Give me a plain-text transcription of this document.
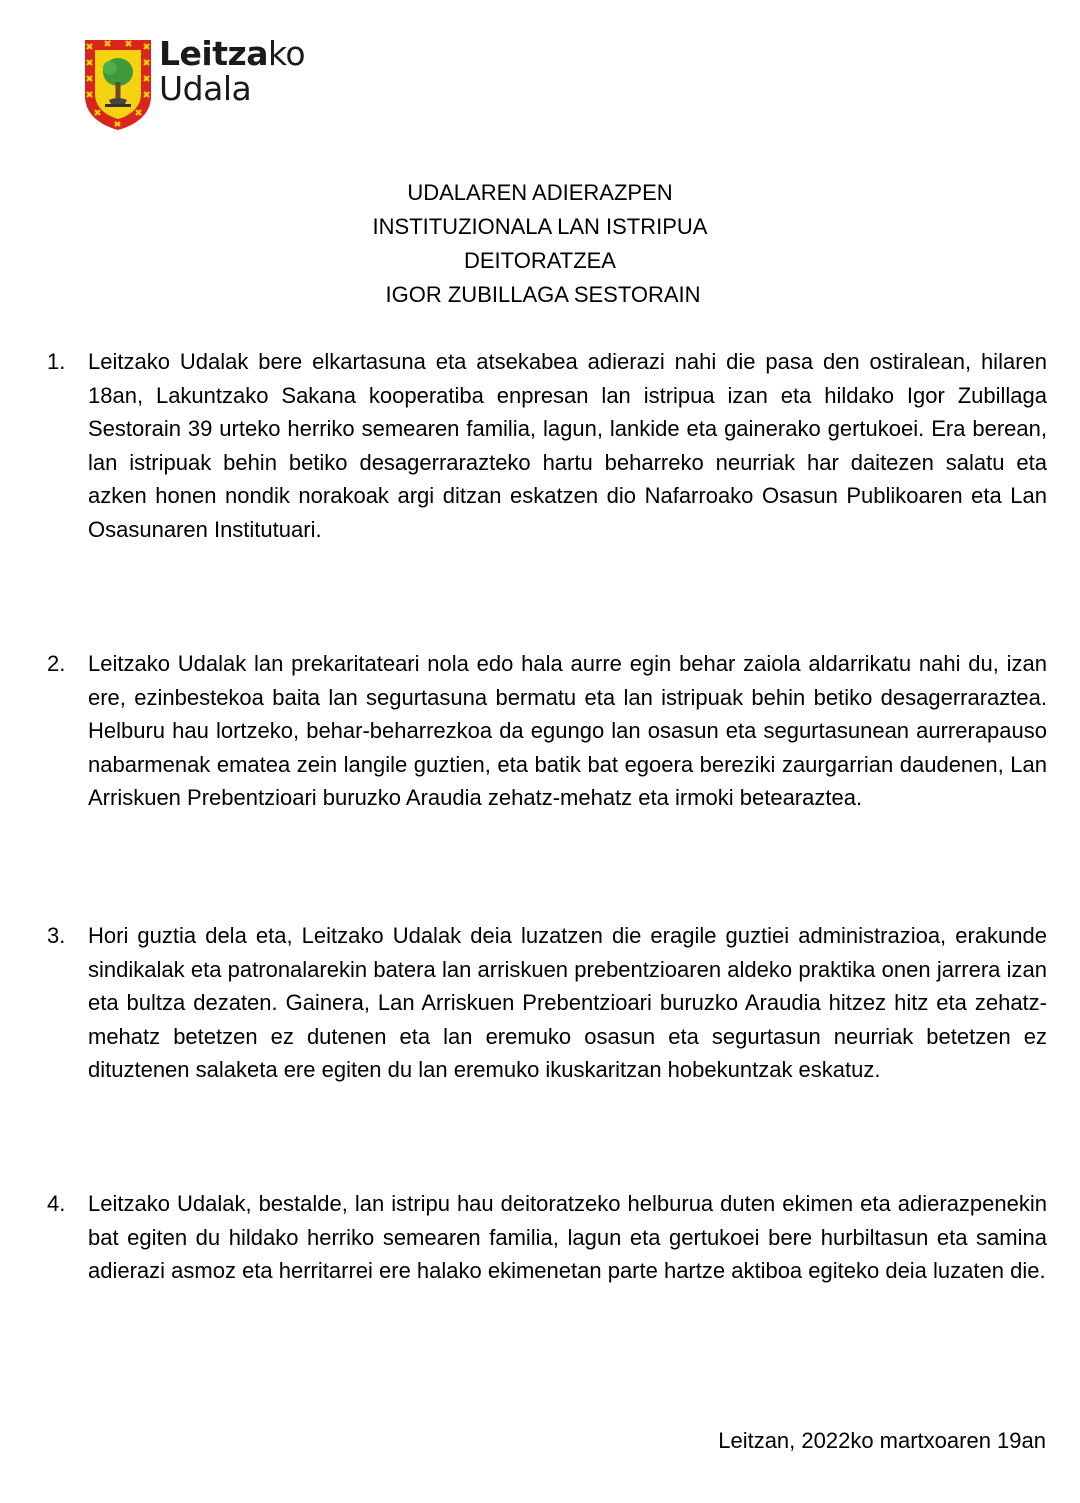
Leitzako
Udala
UDALAREN ADIERAZPEN
INSTITUZIONALA LAN ISTRIPUA
DEITORATZEA
IGOR ZUBILLAGA SESTORAIN
1. Leitzako Udalak bere elkartasuna eta atsekabea adierazi nahi die pasa den ostiralean, hilaren 18an, Lakuntzako Sakana kooperatiba enpresan lan istripua izan eta hildako Igor Zubillaga Sestorain 39 urteko herriko semearen familia, lagun, lankide eta gainerako gertukoei. Era berean, lan istripuak behin betiko desagerrarazteko hartu beharreko neurriak har daitezen salatu eta azken honen nondik norakoak argi ditzan eskatzen dio Nafarroako Osasun Publikoaren eta Lan Osasunaren Institutuari.

2. Leitzako Udalak lan prekaritateari nola edo hala aurre egin behar zaiola aldarrikatu nahi du, izan ere, ezinbestekoa baita lan segurtasuna bermatu eta lan istripuak behin betiko desagerraraztea. Helburu hau lortzeko, behar-beharrezkoa da egungo lan osasun eta segurtasunean aurrerapauso nabarmenak ematea zein langile guztien, eta batik bat egoera bereziki zaurgarrian daudenen, Lan Arriskuen Prebentzioari buruzko Araudia zehatz-mehatz eta irmoki betearaztea.

3. Hori guztia dela eta, Leitzako Udalak deia luzatzen die eragile guztiei administrazioa, erakunde sindikalak eta patronalarekin batera lan arriskuen prebentzioaren aldeko praktika onen jarrera izan eta bultza dezaten. Gainera, Lan Arriskuen Prebentzioari buruzko Araudia hitzez hitz eta zehatz-mehatz betetzen ez dutenen eta lan eremuko osasun eta segurtasun neurriak betetzen ez dituztenen salaketa ere egiten du lan eremuko ikuskaritzan hobekuntzak eskatuz.

4. Leitzako Udalak, bestalde, lan istripu hau deitoratzeko helburua duten ekimen eta adierazpenekin bat egiten du hildako herriko semearen familia, lagun eta gertukoei bere hurbiltasun eta samina adierazi asmoz eta herritarrei ere halako ekimenetan parte hartze aktiboa egiteko deia luzaten die.

Leitzan, 2022ko martxoaren 19an
